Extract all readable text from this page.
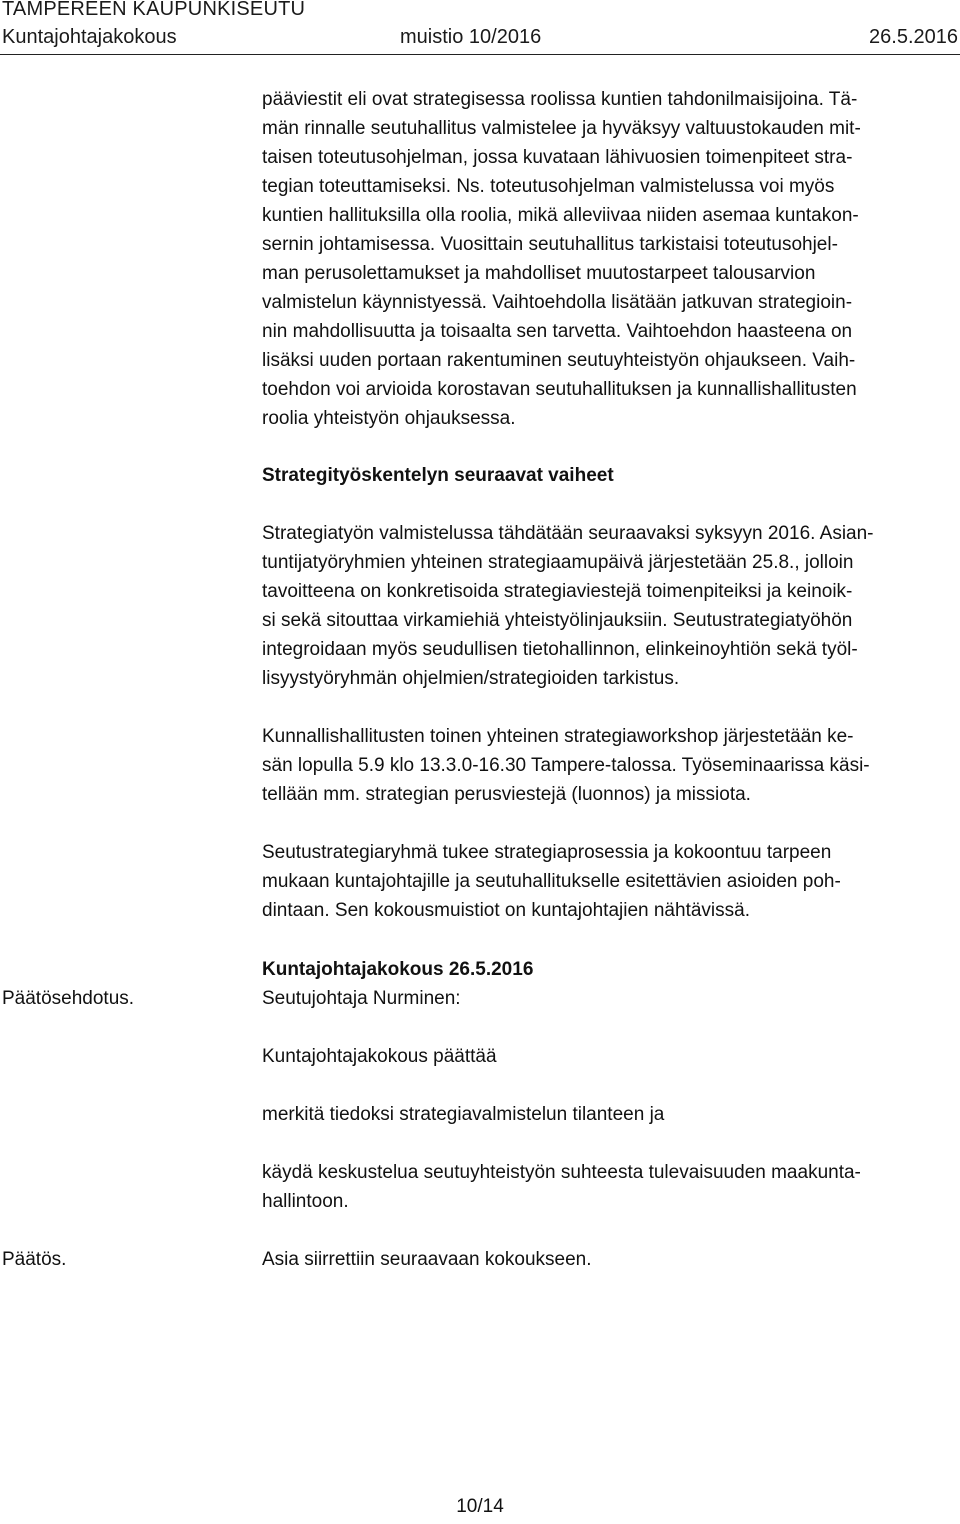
TAMPEREEN KAUPUNKISEUTU
Kuntajohtajakokous	muistio 10/2016	26.5.2016

pääviestit eli ovat strategisessa roolissa kuntien tahdonilmaisijoina. Tä-
män rinnalle seutuhallitus valmistelee ja hyväksyy valtuustokauden mit-
taisen toteutusohjelman, jossa kuvataan lähivuosien toimenpiteet stra-
tegian toteuttamiseksi. Ns. toteutusohjelman valmistelussa voi myös
kuntien hallituksilla olla roolia, mikä alleviivaa niiden asemaa kuntakon-
sernin johtamisessa. Vuosittain seutuhallitus tarkistaisi toteutusohjel-
man perusolettamukset ja mahdolliset muutostarpeet talousarvion
valmistelun käynnistyessä. Vaihtoehdolla lisätään jatkuvan strategioin-
nin mahdollisuutta ja toisaalta sen tarvetta. Vaihtoehdon haasteena on
lisäksi uuden portaan rakentuminen seutuyhteistyön ohjaukseen. Vaih-
toehdon voi arvioida korostavan seutuhallituksen ja kunnallishallitusten
roolia yhteistyön ohjauksessa.

Strategityöskentelyn seuraavat vaiheet

Strategiatyön valmistelussa tähdätään seuraavaksi syksyyn 2016. Asian-
tuntijatyöryhmien yhteinen strategiaamupäivä järjestetään 25.8., jolloin
tavoitteena on konkretisoida strategiaviestejä toimenpiteiksi ja keinoik-
si sekä sitouttaa virkamiehiä yhteistyölinjauksiin. Seutustrategiatyöhön
integroidaan myös seudullisen tietohallinnon, elinkeinoyhtiön sekä työl-
lisyystyöryhmän ohjelmien/strategioiden tarkistus.

Kunnallishallitusten toinen yhteinen strategiaworkshop järjestetään ke-
sän lopulla 5.9 klo 13.3.0-16.30 Tampere-talossa. Työseminaarissa käsi-
tellään mm. strategian perusviestejä (luonnos) ja missiota.

Seutustrategiaryhmä tukee strategiaprosessia ja kokoontuu tarpeen
mukaan kuntajohtajille ja seutuhallitukselle esitettävien asioiden poh-
dintaan. Sen kokousmuistiot on kuntajohtajien nähtävissä.

Kuntajohtajakokous 26.5.2016

Päätösehdotus.	Seutujohtaja Nurminen:

Kuntajohtajakokous päättää

merkitä tiedoksi strategiavalmistelun tilanteen ja

käydä keskustelua seutuyhteistyön suhteesta tulevaisuuden maakunta-
hallintoon.

Päätös.	Asia siirrettiin seuraavaan kokoukseen.

10/14
